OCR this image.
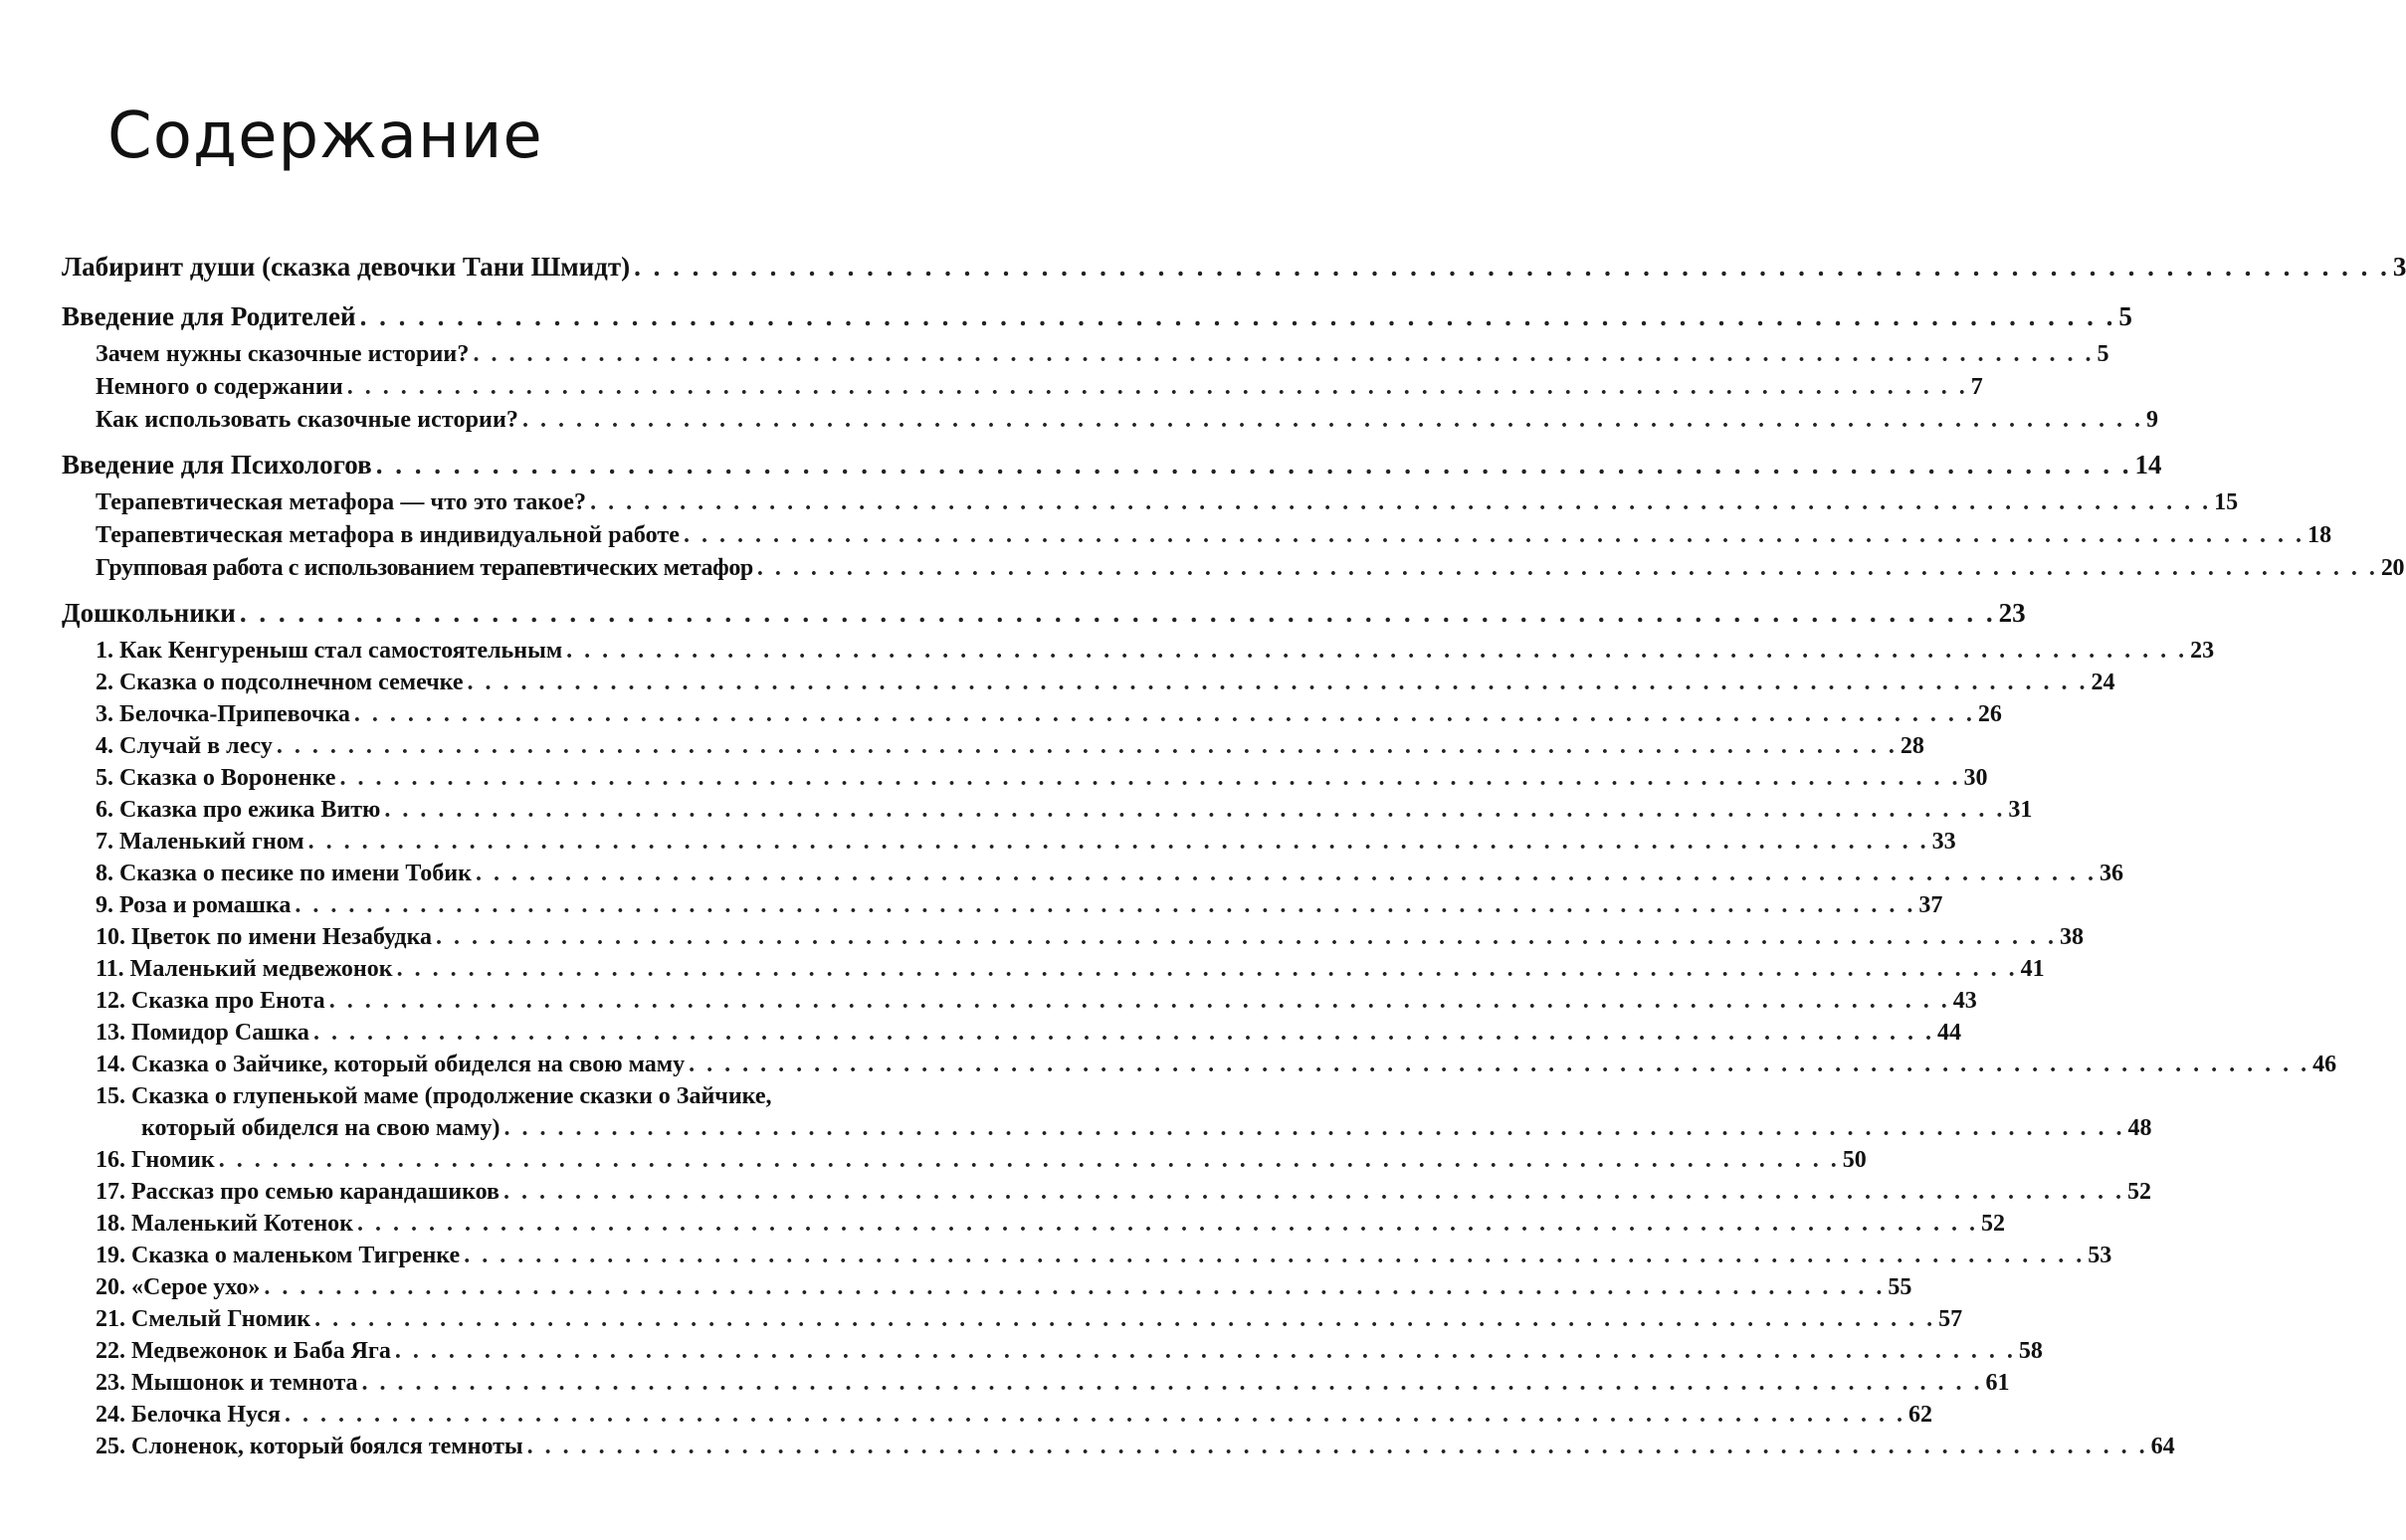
Содержание
Лабиринт души (сказка девочки Тани Шмидт) . . . . . . . . . . . . . . . . . . . . . . . . . . . . . . . . . . . . . . . . . . . . . . . . . . . . . . . . . . . . . . . . . . . . . . . . . . . . . . . . . . . . . . . . . . . 3
Введение для Родителей . . . . . . . . . . . . . . . . . . . . . . . . . . . . . . . . . . . . . . . . . . . . . . . . . . . . . . . . . . . . . . . . . . . . . . . . . . . . . . . . . . . . . . . . . . . 5
Зачем нужны сказочные истории? . . . . . . . . . . . . . . . . . . . . . . . . . . . . . . . . . . . . . . . . . . . . . . . . . . . . . . . . . . . . . . . . . . . . . . . . . . . . . . . . . . . . . . . . . . . 5
Немного о содержании . . . . . . . . . . . . . . . . . . . . . . . . . . . . . . . . . . . . . . . . . . . . . . . . . . . . . . . . . . . . . . . . . . . . . . . . . . . . . . . . . . . . . . . . . . . 7
Как использовать сказочные истории? . . . . . . . . . . . . . . . . . . . . . . . . . . . . . . . . . . . . . . . . . . . . . . . . . . . . . . . . . . . . . . . . . . . . . . . . . . . . . . . . . . . . . . . . . . . 9
Введение для Психологов . . . . . . . . . . . . . . . . . . . . . . . . . . . . . . . . . . . . . . . . . . . . . . . . . . . . . . . . . . . . . . . . . . . . . . . . . . . . . . . . . . . . . . . . . . . 14
Терапевтическая метафора — что это такое? . . . . . . . . . . . . . . . . . . . . . . . . . . . . . . . . . . . . . . . . . . . . . . . . . . . . . . . . . . . . . . . . . . . . . . . . . . . . . . . . . . . . . . . . . . . 15
Терапевтическая метафора в индивидуальной работе . . . . . . . . . . . . . . . . . . . . . . . . . . . . . . . . . . . . . . . . . . . . . . . . . . . . . . . . . . . . . . . . . . . . . . . . . . . . . . . . . . . . . . . . . . . 18
Групповая работа с использованием терапевтических метафор . . . . . . . . . . . . . . . . . . . . . . . . . . . . . . . . . . . . . . . . . . . . . . . . . . . . . . . . . . . . . . . . . . . . . . . . . . . . . . . . . . . . . . . . . . . 20
Дошкольники . . . . . . . . . . . . . . . . . . . . . . . . . . . . . . . . . . . . . . . . . . . . . . . . . . . . . . . . . . . . . . . . . . . . . . . . . . . . . . . . . . . . . . . . . . . 23
1. Как Кенгуреныш стал самостоятельным . . . . . . . . . . . . . . . . . . . . . . . . . . . . . . . . . . . . . . . . . . . . . . . . . . . . . . . . . . . . . . . . . . . . . . . . . . . . . . . . . . . . . . . . . . . 23
2. Сказка о подсолнечном семечке . . . . . . . . . . . . . . . . . . . . . . . . . . . . . . . . . . . . . . . . . . . . . . . . . . . . . . . . . . . . . . . . . . . . . . . . . . . . . . . . . . . . . . . . . . . 24
3. Белочка-Припевочка . . . . . . . . . . . . . . . . . . . . . . . . . . . . . . . . . . . . . . . . . . . . . . . . . . . . . . . . . . . . . . . . . . . . . . . . . . . . . . . . . . . . . . . . . . . 26
4. Случай в лесу . . . . . . . . . . . . . . . . . . . . . . . . . . . . . . . . . . . . . . . . . . . . . . . . . . . . . . . . . . . . . . . . . . . . . . . . . . . . . . . . . . . . . . . . . . . 28
5. Сказка о Вороненке . . . . . . . . . . . . . . . . . . . . . . . . . . . . . . . . . . . . . . . . . . . . . . . . . . . . . . . . . . . . . . . . . . . . . . . . . . . . . . . . . . . . . . . . . . . 30
6. Сказка про ежика Витю . . . . . . . . . . . . . . . . . . . . . . . . . . . . . . . . . . . . . . . . . . . . . . . . . . . . . . . . . . . . . . . . . . . . . . . . . . . . . . . . . . . . . . . . . . . 31
7. Маленький гном . . . . . . . . . . . . . . . . . . . . . . . . . . . . . . . . . . . . . . . . . . . . . . . . . . . . . . . . . . . . . . . . . . . . . . . . . . . . . . . . . . . . . . . . . . . 33
8. Сказка о песике по имени Тобик . . . . . . . . . . . . . . . . . . . . . . . . . . . . . . . . . . . . . . . . . . . . . . . . . . . . . . . . . . . . . . . . . . . . . . . . . . . . . . . . . . . . . . . . . . . 36
9. Роза и ромашка . . . . . . . . . . . . . . . . . . . . . . . . . . . . . . . . . . . . . . . . . . . . . . . . . . . . . . . . . . . . . . . . . . . . . . . . . . . . . . . . . . . . . . . . . . . 37
10. Цветок по имени Незабудка . . . . . . . . . . . . . . . . . . . . . . . . . . . . . . . . . . . . . . . . . . . . . . . . . . . . . . . . . . . . . . . . . . . . . . . . . . . . . . . . . . . . . . . . . . . 38
11. Маленький медвежонок . . . . . . . . . . . . . . . . . . . . . . . . . . . . . . . . . . . . . . . . . . . . . . . . . . . . . . . . . . . . . . . . . . . . . . . . . . . . . . . . . . . . . . . . . . . 41
12. Сказка про Енота . . . . . . . . . . . . . . . . . . . . . . . . . . . . . . . . . . . . . . . . . . . . . . . . . . . . . . . . . . . . . . . . . . . . . . . . . . . . . . . . . . . . . . . . . . . 43
13. Помидор Сашка . . . . . . . . . . . . . . . . . . . . . . . . . . . . . . . . . . . . . . . . . . . . . . . . . . . . . . . . . . . . . . . . . . . . . . . . . . . . . . . . . . . . . . . . . . . 44
14. Сказка о Зайчике, который обиделся на свою маму . . . . . . . . . . . . . . . . . . . . . . . . . . . . . . . . . . . . . . . . . . . . . . . . . . . . . . . . . . . . . . . . . . . . . . . . . . . . . . . . . . . . . . . . . . . 46
15. Сказка о глупенькой маме (продолжение сказки о Зайчике,
который обиделся на свою маму) . . . . . . . . . . . . . . . . . . . . . . . . . . . . . . . . . . . . . . . . . . . . . . . . . . . . . . . . . . . . . . . . . . . . . . . . . . . . . . . . . . . . . . . . . . . 48
16. Гномик . . . . . . . . . . . . . . . . . . . . . . . . . . . . . . . . . . . . . . . . . . . . . . . . . . . . . . . . . . . . . . . . . . . . . . . . . . . . . . . . . . . . . . . . . . . 50
17. Рассказ про семью карандашиков . . . . . . . . . . . . . . . . . . . . . . . . . . . . . . . . . . . . . . . . . . . . . . . . . . . . . . . . . . . . . . . . . . . . . . . . . . . . . . . . . . . . . . . . . . . 52
18. Маленький Котенок . . . . . . . . . . . . . . . . . . . . . . . . . . . . . . . . . . . . . . . . . . . . . . . . . . . . . . . . . . . . . . . . . . . . . . . . . . . . . . . . . . . . . . . . . . . 52
19. Сказка о маленьком Тигренке . . . . . . . . . . . . . . . . . . . . . . . . . . . . . . . . . . . . . . . . . . . . . . . . . . . . . . . . . . . . . . . . . . . . . . . . . . . . . . . . . . . . . . . . . . . 53
20. «Серое ухо» . . . . . . . . . . . . . . . . . . . . . . . . . . . . . . . . . . . . . . . . . . . . . . . . . . . . . . . . . . . . . . . . . . . . . . . . . . . . . . . . . . . . . . . . . . . 55
21. Смелый Гномик . . . . . . . . . . . . . . . . . . . . . . . . . . . . . . . . . . . . . . . . . . . . . . . . . . . . . . . . . . . . . . . . . . . . . . . . . . . . . . . . . . . . . . . . . . . 57
22. Медвежонок и Баба Яга . . . . . . . . . . . . . . . . . . . . . . . . . . . . . . . . . . . . . . . . . . . . . . . . . . . . . . . . . . . . . . . . . . . . . . . . . . . . . . . . . . . . . . . . . . . 58
23. Мышонок и темнота . . . . . . . . . . . . . . . . . . . . . . . . . . . . . . . . . . . . . . . . . . . . . . . . . . . . . . . . . . . . . . . . . . . . . . . . . . . . . . . . . . . . . . . . . . . 61
24. Белочка Нуся . . . . . . . . . . . . . . . . . . . . . . . . . . . . . . . . . . . . . . . . . . . . . . . . . . . . . . . . . . . . . . . . . . . . . . . . . . . . . . . . . . . . . . . . . . . 62
25. Слоненок, который боялся темноты . . . . . . . . . . . . . . . . . . . . . . . . . . . . . . . . . . . . . . . . . . . . . . . . . . . . . . . . . . . . . . . . . . . . . . . . . . . . . . . . . . . . . . . . . . . 64
